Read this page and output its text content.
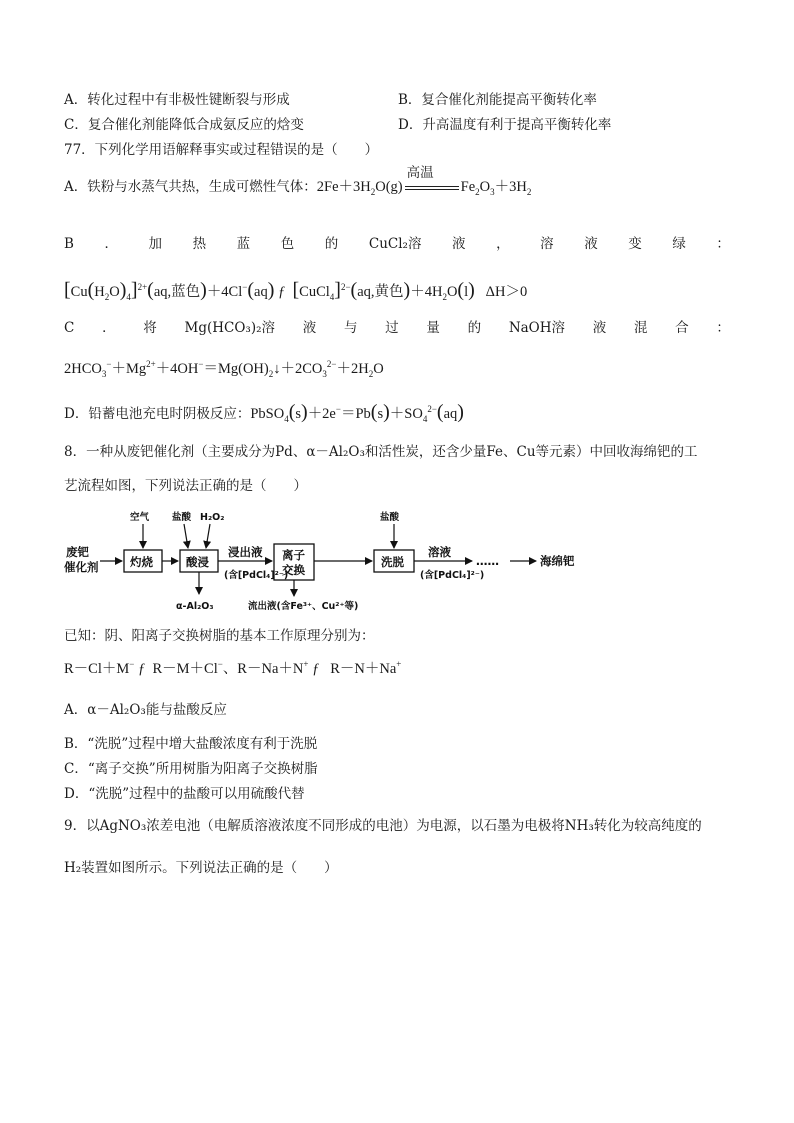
A．转化过程中有非极性键断裂与形成	B．复合催化剂能提高平衡转化率
C．复合催化剂能降低合成氨反应的焓变	D．升高温度有利于提高平衡转化率
77．下列化学用语解释事实或过程错误的是（　　）
A．铁粉与水蒸气共热，生成可燃性气体：$2Fe+3H_2O(g)$
高温
$Fe_2O_3+3H_2$
B ． 加 热 蓝 色 的 CuCl₂溶 液 ， 溶 液 变 绿 ：
$[Cu(H_2O)_4]^{2+}(aq$,蓝色)＋4Cl−(aq) ƒ [CuCl$_4$]$^{2-}$(aq,黄色)$+4H_2O(l)$   ΔH＞0
C ． 将 Mg(HCO₃)₂溶 液 与 过 量 的 NaOH溶 液 混 合 ：
$2HCO_3^-+Mg^{2+}+4OH^-=Mg(OH)_2↓+2CO_3^{2-}+2H_2O$
D．铅蓄电池充电时阴极反应：$PbSO_4(s)+2e^-=Pb(s)+SO_4^{2-}(aq)$
8．一种从废钯催化剂（主要成分为Pd、α－Al₂O₃和活性炭，还含少量Fe、Cu等元素）中回收海绵钯的工
艺流程如图，下列说法正确的是（　　）
废钯
催化剂	灼烧
空气
酸浸
盐酸 H₂O₂
α-Al₂O₃
浸出液
(含[PdCl₄]²⁻)
离子
交换
流出液(含Fe³⁺、Cu²⁺等)
洗脱
盐酸
溶液
(含[PdCl₄]²⁻)
……	海绵钯
已知：阴、阳离子交换树脂的基本工作原理分别为：
R－Cl＋M− ƒ  R－M＋Cl−、R－Na＋N+ ƒ   R－N＋Na+
A．α－Al₂O₃能与盐酸反应
B．“洗脱”过程中增大盐酸浓度有利于洗脱
C．“离子交换”所用树脂为阳离子交换树脂
D．“洗脱”过程中的盐酸可以用硫酸代替
9．以AgNO₃浓差电池（电解质溶液浓度不同形成的电池）为电源，以石墨为电极将NH₃转化为较高纯度的
H₂装置如图所示。下列说法正确的是（　　）
